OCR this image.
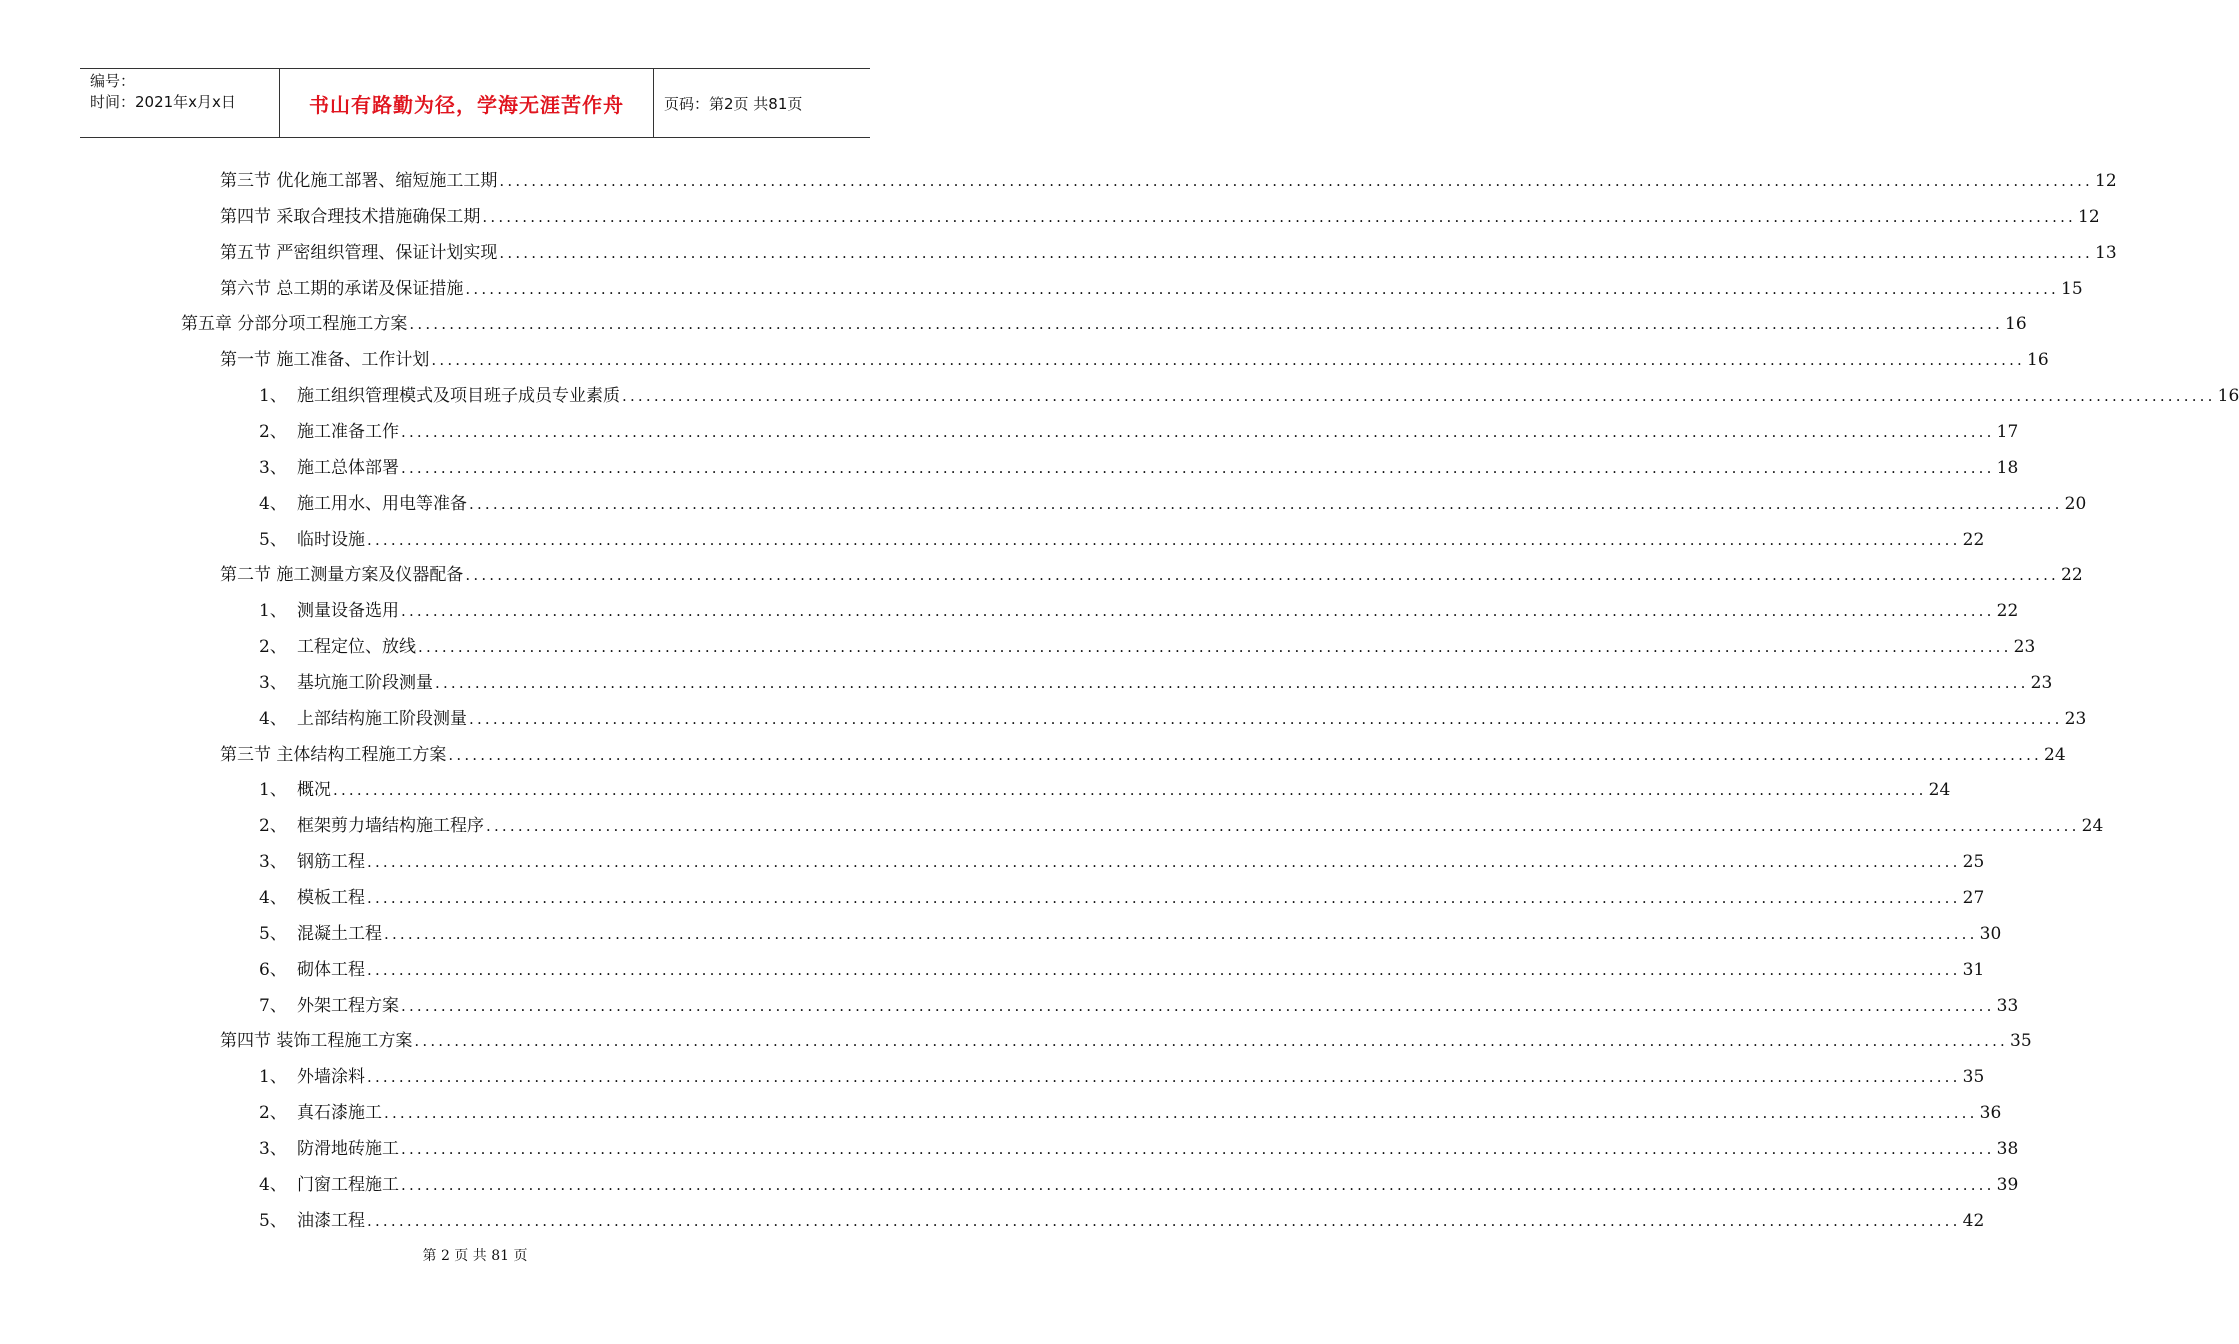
编号：
时间：2021年x月x日	书山有路勤为径，学海无涯苦作舟	页码：第2页 共81页
第三节 优化施工部署、缩短施工工期 ........................................................................................................................................................................................................ 12
第四节 采取合理技术措施确保工期 ........................................................................................................................................................................................................ 12
第五节 严密组织管理、保证计划实现 ........................................................................................................................................................................................................ 13
第六节 总工期的承诺及保证措施 ........................................................................................................................................................................................................ 15
第五章 分部分项工程施工方案 ........................................................................................................................................................................................................ 16
第一节 施工准备、工作计划 ........................................................................................................................................................................................................ 16
1、 施工组织管理模式及项目班子成员专业素质 ........................................................................................................................................................................................................ 16
2、 施工准备工作 ........................................................................................................................................................................................................ 17
3、 施工总体部署 ........................................................................................................................................................................................................ 18
4、 施工用水、用电等准备 ........................................................................................................................................................................................................ 20
5、 临时设施 ........................................................................................................................................................................................................ 22
第二节 施工测量方案及仪器配备 ........................................................................................................................................................................................................ 22
1、 测量设备选用 ........................................................................................................................................................................................................ 22
2、 工程定位、放线 ........................................................................................................................................................................................................ 23
3、 基坑施工阶段测量 ........................................................................................................................................................................................................ 23
4、 上部结构施工阶段测量 ........................................................................................................................................................................................................ 23
第三节 主体结构工程施工方案 ........................................................................................................................................................................................................ 24
1、 概况 ........................................................................................................................................................................................................ 24
2、 框架剪力墙结构施工程序 ........................................................................................................................................................................................................ 24
3、 钢筋工程 ........................................................................................................................................................................................................ 25
4、 模板工程 ........................................................................................................................................................................................................ 27
5、 混凝土工程 ........................................................................................................................................................................................................ 30
6、 砌体工程 ........................................................................................................................................................................................................ 31
7、 外架工程方案 ........................................................................................................................................................................................................ 33
第四节 装饰工程施工方案 ........................................................................................................................................................................................................ 35
1、 外墙涂料 ........................................................................................................................................................................................................ 35
2、 真石漆施工 ........................................................................................................................................................................................................ 36
3、 防滑地砖施工 ........................................................................................................................................................................................................ 38
4、 门窗工程施工 ........................................................................................................................................................................................................ 39
5、 油漆工程 ........................................................................................................................................................................................................ 42
第 2 页 共 81 页
